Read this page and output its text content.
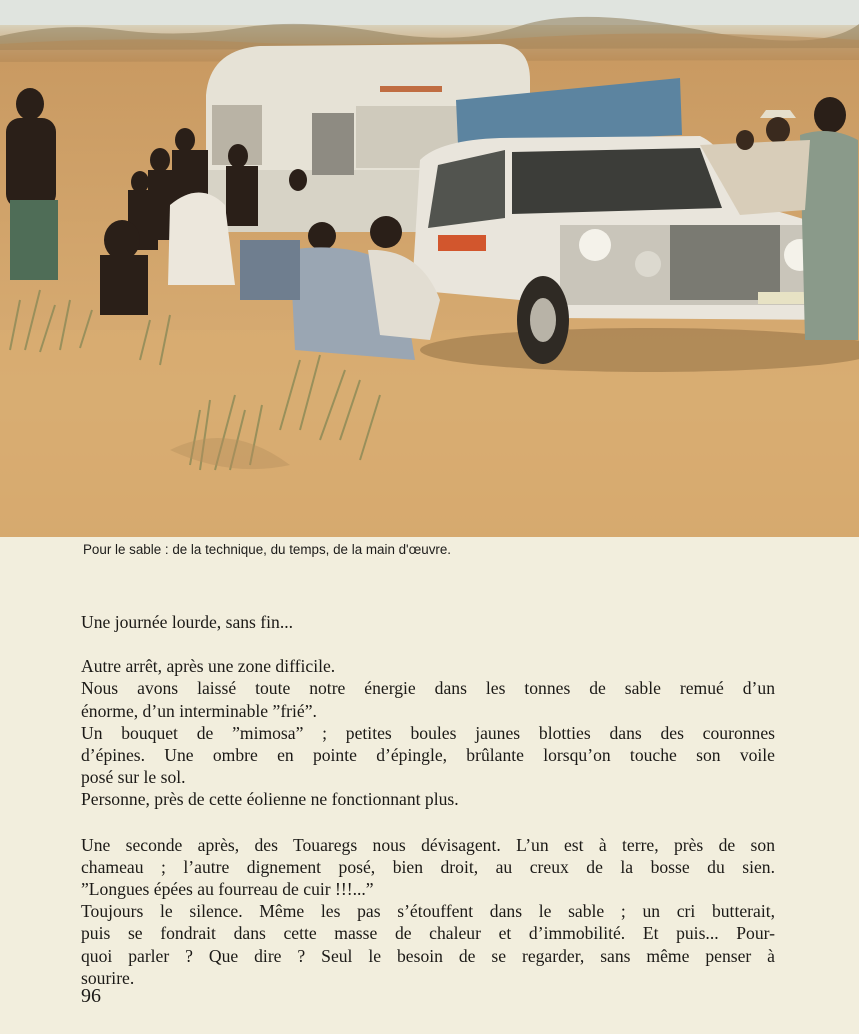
Pour le sable : de la technique, du temps, de la main d'œuvre.

Une journée lourde, sans fin...

Autre arrêt, après une zone difficile.

Nous avons laissé toute notre énergie dans les tonnes de sable remué d’un

énorme, d’un interminable ”frié”.

Un bouquet de ”mimosa” ; petites boules jaunes blotties dans des couronnes

d’épines. Une ombre en pointe d’épingle, brûlante lorsqu’on touche son voile

posé sur le sol.

Personne, près de cette éolienne ne fonctionnant plus.

Une seconde après, des Touaregs nous dévisagent. L’un est à terre, près de son

chameau ; l’autre dignement posé, bien droit, au creux de la bosse du sien.

”Longues épées au fourreau de cuir !!!...”

Toujours le silence. Même les pas s’étouffent dans le sable ; un cri butterait,

puis se fondrait dans cette masse de chaleur et d’immobilité. Et puis... Pour-

quoi parler ? Que dire ? Seul le besoin de se regarder, sans même penser à

sourire.

96
